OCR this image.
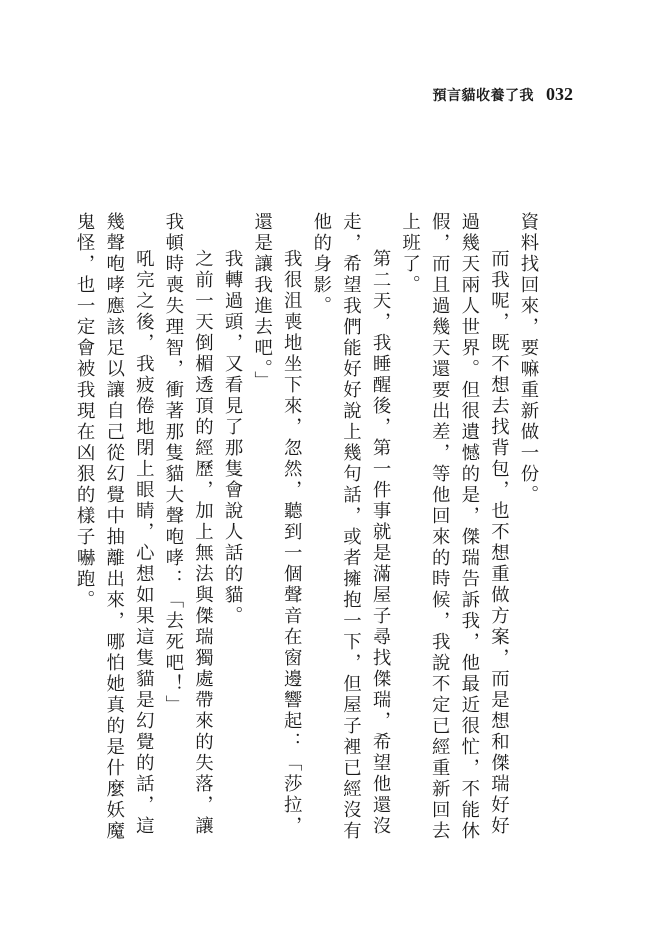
預言貓收養了我 032

資料找回來，要嘛重新做一份。

而我呢，既不想去找背包，也不想重做方案，而是想和傑瑞好好過幾天兩人世界。但很遺憾的是，傑瑞告訴我，他最近很忙，不能休假，而且過幾天還要出差，等他回來的時候，我說不定已經重新回去上班了。

第二天，我睡醒後，第一件事就是滿屋子尋找傑瑞，希望他還沒走，希望我們能好好說上幾句話，或者擁抱一下，但屋子裡已經沒有他的身影。

我很沮喪地坐下來，忽然，聽到一個聲音在窗邊響起：「莎拉，還是讓我進去吧。」

我轉過頭，又看見了那隻會說人話的貓。

之前一天倒楣透頂的經歷，加上無法與傑瑞獨處帶來的失落，讓我頓時喪失理智，衝著那隻貓大聲咆哮：「去死吧！」

吼完之後，我疲倦地閉上眼睛，心想如果這隻貓是幻覺的話，這幾聲咆哮應該足以讓自己從幻覺中抽離出來，哪怕她真的是什麼妖魔鬼怪，也一定會被我現在凶狠的樣子嚇跑。
